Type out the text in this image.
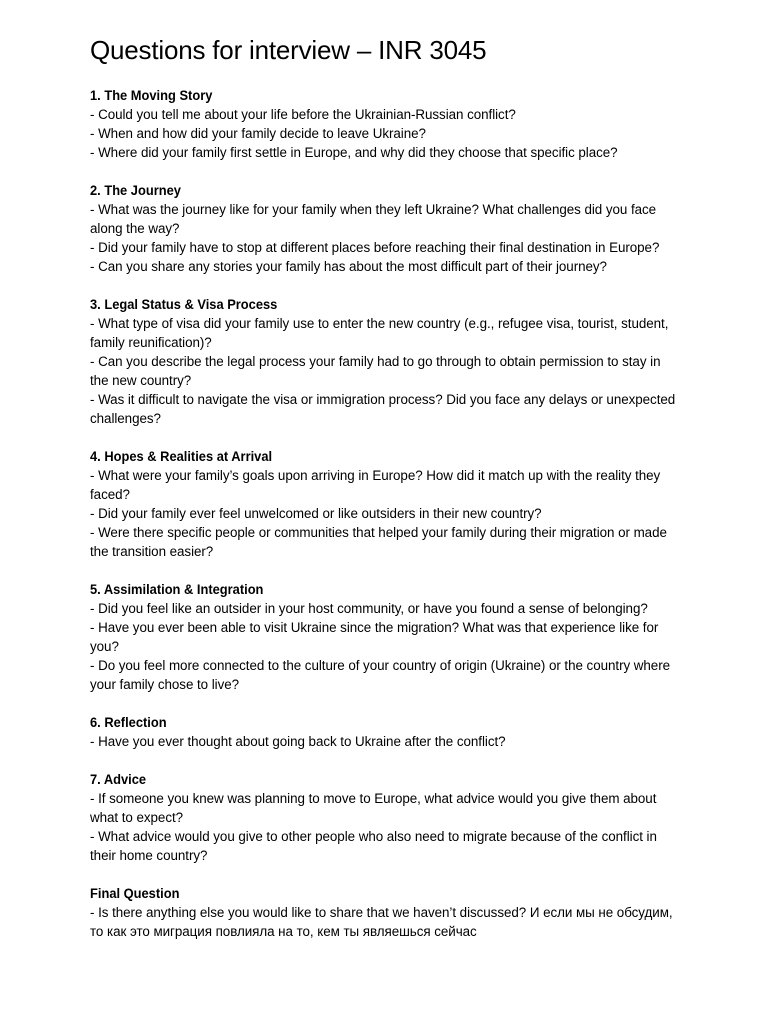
Questions for interview – INR 3045
1. The Moving Story
- Could you tell me about your life before the Ukrainian-Russian conflict?
- When and how did your family decide to leave Ukraine?
- Where did your family first settle in Europe, and why did they choose that specific place?
2. The Journey
- What was the journey like for your family when they left Ukraine? What challenges did you face along the way?
- Did your family have to stop at different places before reaching their final destination in Europe?
- Can you share any stories your family has about the most difficult part of their journey?
3. Legal Status & Visa Process
- What type of visa did your family use to enter the new country (e.g., refugee visa, tourist, student, family reunification)?
- Can you describe the legal process your family had to go through to obtain permission to stay in the new country?
- Was it difficult to navigate the visa or immigration process? Did you face any delays or unexpected challenges?
4. Hopes & Realities at Arrival
- What were your family’s goals upon arriving in Europe? How did it match up with the reality they faced?
- Did your family ever feel unwelcomed or like outsiders in their new country?
- Were there specific people or communities that helped your family during their migration or made the transition easier?
5. Assimilation & Integration
- Did you feel like an outsider in your host community, or have you found a sense of belonging?
- Have you ever been able to visit Ukraine since the migration? What was that experience like for you?
- Do you feel more connected to the culture of your country of origin (Ukraine) or the country where your family chose to live?
6. Reflection
- Have you ever thought about going back to Ukraine after the conflict?
7. Advice
- If someone you knew was planning to move to Europe, what advice would you give them about what to expect?
- What advice would you give to other people who also need to migrate because of the conflict in their home country?
Final Question
- Is there anything else you would like to share that we haven’t discussed? И если мы не обсудим, то как это миграция повлияла на то, кем ты являешься сейчас
